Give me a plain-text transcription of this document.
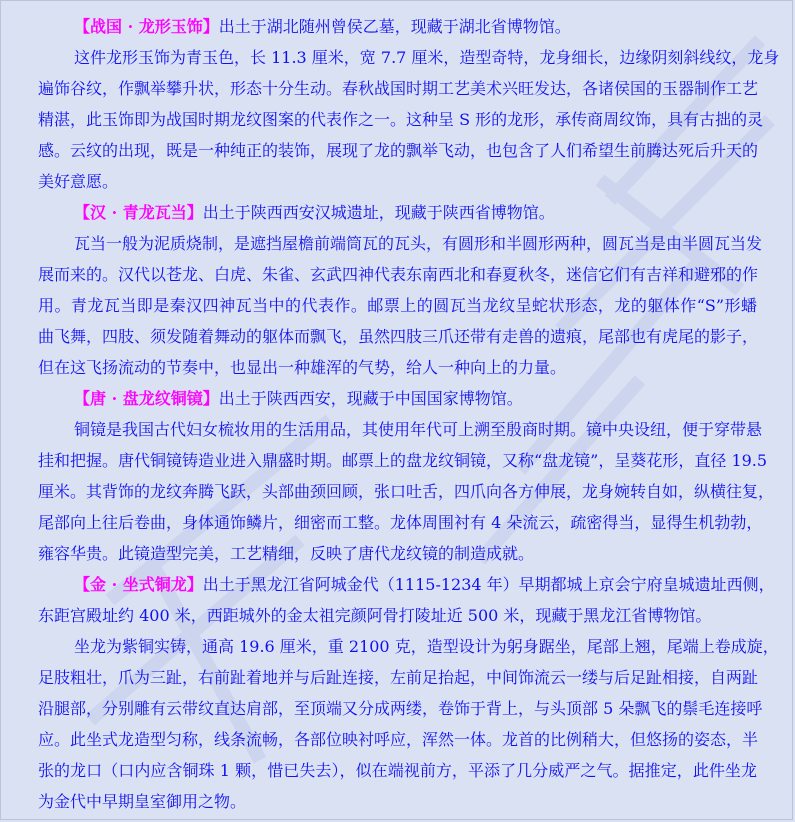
【战国 · 龙形玉饰】出土于湖北随州曾侯乙墓，现藏于湖北省博物馆。
这件龙形玉饰为青玉色，长 11.3 厘米，宽 7.7 厘米，造型奇特，龙身细长，边缘阴刻斜线纹，龙身
遍饰谷纹，作飘举攀升状，形态十分生动。春秋战国时期工艺美术兴旺发达，各诸侯国的玉器制作工艺
精湛，此玉饰即为战国时期龙纹图案的代表作之一。这种呈 S 形的龙形，承传商周纹饰，具有古拙的灵
感。云纹的出现，既是一种纯正的装饰，展现了龙的飘举飞动，也包含了人们希望生前腾达死后升天的
美好意愿。
【汉 · 青龙瓦当】出土于陕西西安汉城遗址，现藏于陕西省博物馆。
瓦当一般为泥质烧制，是遮挡屋檐前端筒瓦的瓦头，有圆形和半圆形两种，圆瓦当是由半圆瓦当发
展而来的。汉代以苍龙、白虎、朱雀、玄武四神代表东南西北和春夏秋冬，迷信它们有吉祥和避邪的作
用。青龙瓦当即是秦汉四神瓦当中的代表作。邮票上的圆瓦当龙纹呈蛇状形态，龙的躯体作“S”形蟠
曲飞舞，四肢、须发随着舞动的躯体而飘飞，虽然四肢三爪还带有走兽的遗痕，尾部也有虎尾的影子，
但在这飞扬流动的节奏中，也显出一种雄浑的气势，给人一种向上的力量。
【唐 · 盘龙纹铜镜】出土于陕西西安，现藏于中国国家博物馆。
铜镜是我国古代妇女梳妆用的生活用品，其使用年代可上溯至殷商时期。镜中央设纽，便于穿带悬
挂和把握。唐代铜镜铸造业进入鼎盛时期。邮票上的盘龙纹铜镜，又称“盘龙镜”，呈葵花形，直径 19.5
厘米。其背饰的龙纹奔腾飞跃，头部曲颈回顾，张口吐舌，四爪向各方伸展，龙身婉转自如，纵横往复，
尾部向上往后卷曲，身体通饰鳞片，细密而工整。龙体周围衬有 4 朵流云，疏密得当，显得生机勃勃，
雍容华贵。此镜造型完美，工艺精细，反映了唐代龙纹镜的制造成就。
【金 · 坐式铜龙】出土于黑龙江省阿城金代（1115-1234 年）早期都城上京会宁府皇城遗址西侧，
东距宫殿址约 400 米，西距城外的金太祖完颜阿骨打陵址近 500 米，现藏于黑龙江省博物馆。
坐龙为紫铜实铸，通高 19.6 厘米，重 2100 克，造型设计为躬身踞坐，尾部上翘，尾端上卷成旋，
足肢粗壮，爪为三趾，右前趾着地并与后趾连接，左前足抬起，中间饰流云一缕与后足趾相接，自两趾
沿腿部，分别雕有云带纹直达肩部，至顶端又分成两缕，卷饰于背上，与头顶部 5 朵飘飞的鬃毛连接呼
应。此坐式龙造型匀称，线条流畅，各部位映衬呼应，浑然一体。龙首的比例稍大，但悠扬的姿态，半
张的龙口（口内应含铜珠 1 颗，惜已失去），似在端视前方，平添了几分威严之气。据推定，此件坐龙
为金代中早期皇室御用之物。
